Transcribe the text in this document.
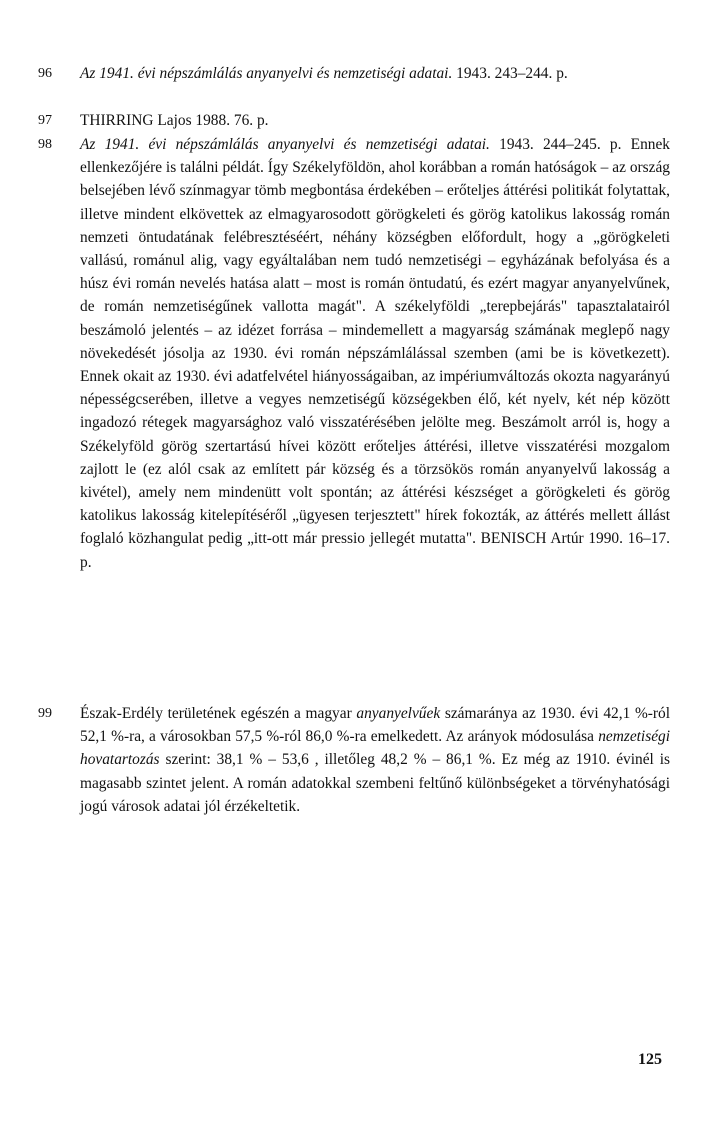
96	Az 1941. évi népszámlálás anyanyelvi és nemzetiségi adatai. 1943. 243–244. p.
97	THIRRING Lajos 1988. 76. p.
98	Az 1941. évi népszámlálás anyanyelvi és nemzetiségi adatai. 1943. 244–245. p. Ennek ellenkezőjére is találni példát. Így Székelyföldön, ahol korábban a román hatóságok – az ország belsejében lévő színmagyar tömb megbontása érdekében – erőteljes áttérési politikát folytattak, illetve mindent elkövettek az elmagyarosodott görögkeleti és görög katolikus lakosság román nemzeti öntudatának felébresztéséért, néhány községben előfordult, hogy a „görögkeleti vallású, románul alig, vagy egyáltalában nem tudó nemzetiségi – egyházának befolyása és a húsz évi román nevelés hatása alatt – most is román öntudatú, és ezért magyar anyanyelvűnek, de román nemzetiségűnek vallotta magát". A székelyföldi „terepbejárás" tapasztalatairól beszámoló jelentés – az idézet forrása – mindemellett a magyarság számának meglepő nagy növekedését jósolja az 1930. évi román népszámlálással szemben (ami be is következett). Ennek okait az 1930. évi adatfelvétel hiányosságaiban, az impériumváltozás okozta nagyarányú népességcserében, illetve a vegyes nemzetiségű községekben élő, két nyelv, két nép között ingadozó rétegek magyarsághoz való visszatérésében jelölte meg. Beszámolt arról is, hogy a Székelyföld görög szertartású hívei között erőteljes áttérési, illetve visszatérési mozgalom zajlott le (ez alól csak az említett pár község és a törzsökös román anyanyelvű lakosság a kivétel), amely nem mindenütt volt spontán; az áttérési készséget a görögkeleti és görög katolikus lakosság kitelepítéséről „ügyesen terjesztett" hírek fokozták, az áttérés mellett állást foglaló közhangulat pedig „itt-ott már pressio jellegét mutatta". BENISCH Artúr 1990. 16–17. p.
99	Észak-Erdély területének egészén a magyar anyanyelvűek számaránya az 1930. évi 42,1 %-ról 52,1 %-ra, a városokban 57,5 %-ról 86,0 %-ra emelkedett. Az arányok módosulása nemzetiségi hovatartozás szerint: 38,1 % – 53,6 , illetőleg 48,2 % – 86,1 %. Ez még az 1910. évinél is magasabb szintet jelent. A román adatokkal szembeni feltűnő különbségeket a törvényhatósági jogú városok adatai jól érzékeltetik.
125
